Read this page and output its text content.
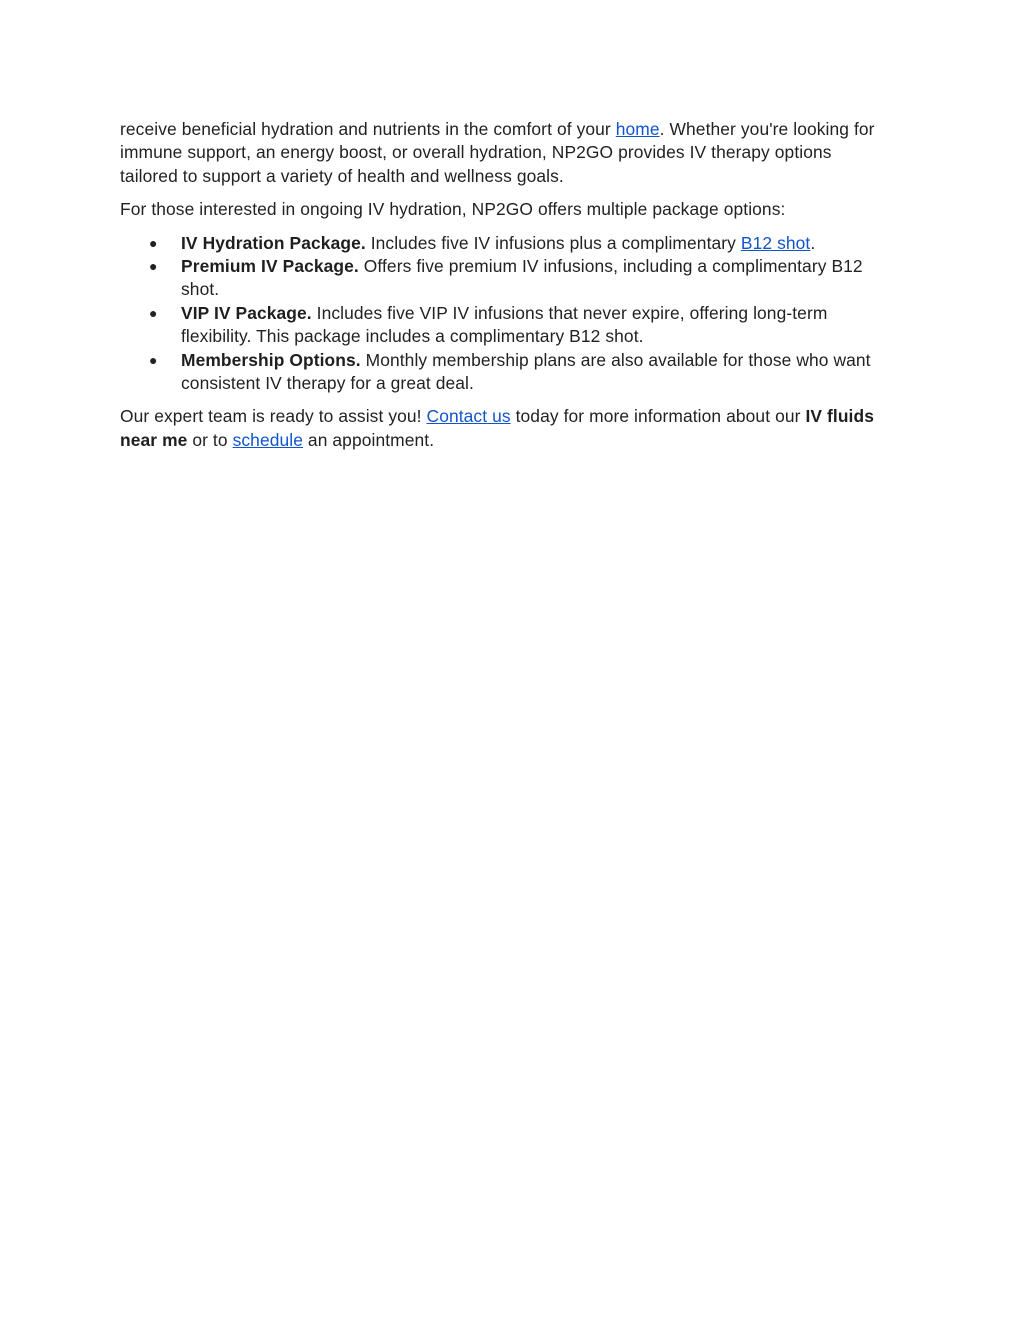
receive beneficial hydration and nutrients in the comfort of your home. Whether you're looking for immune support, an energy boost, or overall hydration, NP2GO provides IV therapy options tailored to support a variety of health and wellness goals.

For those interested in ongoing IV hydration, NP2GO offers multiple package options:

● IV Hydration Package. Includes five IV infusions plus a complimentary B12 shot.
● Premium IV Package. Offers five premium IV infusions, including a complimentary B12 shot.
● VIP IV Package. Includes five VIP IV infusions that never expire, offering long-term flexibility. This package includes a complimentary B12 shot.
● Membership Options. Monthly membership plans are also available for those who want consistent IV therapy for a great deal.

Our expert team is ready to assist you! Contact us today for more information about our IV fluids near me or to schedule an appointment.
